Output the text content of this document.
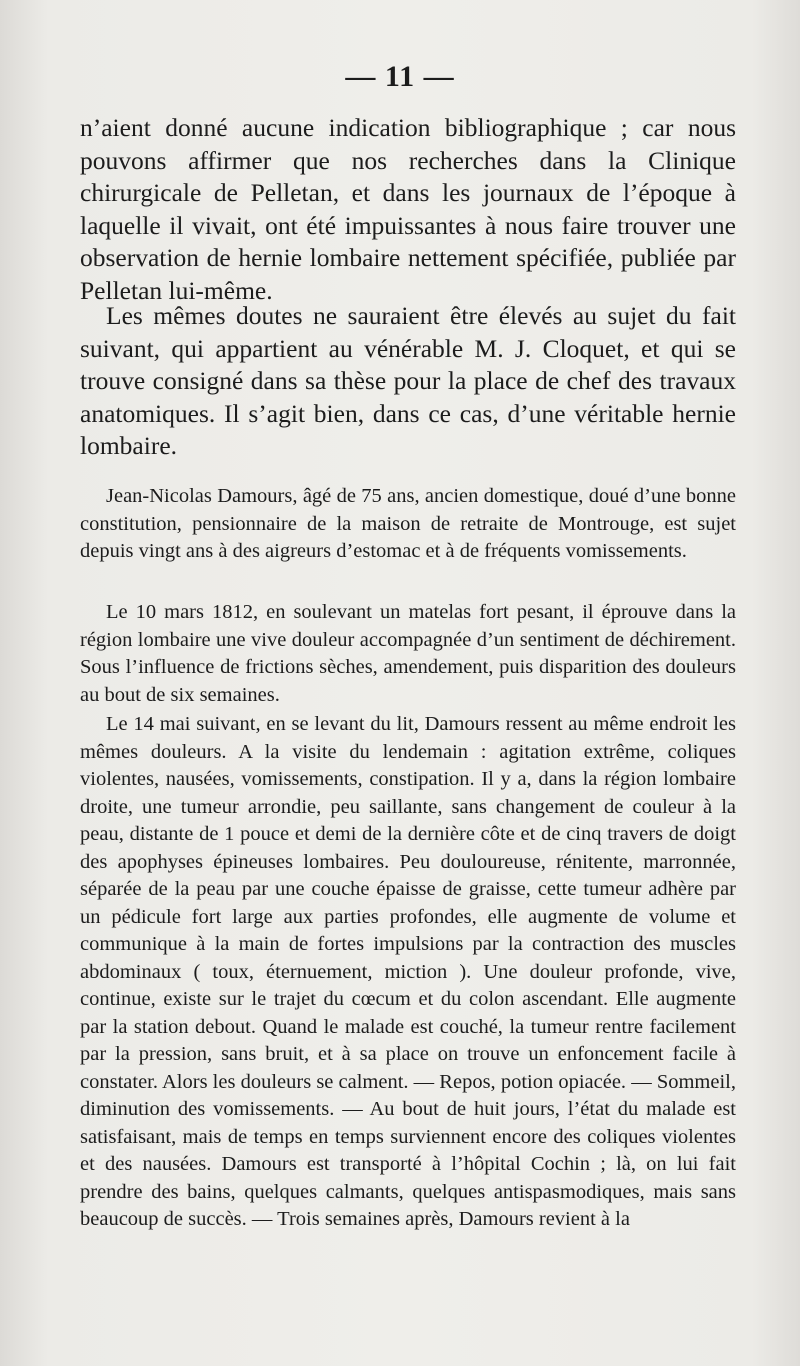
— 11 —

n’aient donné aucune indication bibliographique ; car nous pouvons affirmer que nos recherches dans la Clinique chirurgicale de Pelletan, et dans les journaux de l’époque à laquelle il vivait, ont été impuissantes à nous faire trouver une observation de hernie lombaire nettement spécifiée, publiée par Pelletan lui-même.

Les mêmes doutes ne sauraient être élevés au sujet du fait suivant, qui appartient au vénérable M. J. Cloquet, et qui se trouve consigné dans sa thèse pour la place de chef des travaux anatomiques. Il s’agit bien, dans ce cas, d’une véritable hernie lombaire.

Jean-Nicolas Damours, âgé de 75 ans, ancien domestique, doué d’une bonne constitution, pensionnaire de la maison de retraite de Montrouge, est sujet depuis vingt ans à des aigreurs d’estomac et à de fréquents vomissements.

Le 10 mars 1812, en soulevant un matelas fort pesant, il éprouve dans la région lombaire une vive douleur accompagnée d’un sentiment de déchirement. Sous l’influence de frictions sèches, amendement, puis disparition des douleurs au bout de six semaines.

Le 14 mai suivant, en se levant du lit, Damours ressent au même endroit les mêmes douleurs. A la visite du lendemain : agitation extrême, coliques violentes, nausées, vomissements, constipation. Il y a, dans la région lombaire droite, une tumeur arrondie, peu saillante, sans changement de couleur à la peau, distante de 1 pouce et demi de la dernière côte et de cinq travers de doigt des apophyses épineuses lombaires. Peu douloureuse, rénitente, marronnée, séparée de la peau par une couche épaisse de graisse, cette tumeur adhère par un pédicule fort large aux parties profondes, elle augmente de volume et communique à la main de fortes impulsions par la contraction des muscles abdominaux ( toux, éternuement, miction ). Une douleur profonde, vive, continue, existe sur le trajet du cœcum et du colon ascendant. Elle augmente par la station debout. Quand le malade est couché, la tumeur rentre facilement par la pression, sans bruit, et à sa place on trouve un enfoncement facile à constater. Alors les douleurs se calment. — Repos, potion opiacée. — Sommeil, diminution des vomissements. — Au bout de huit jours, l’état du malade est satisfaisant, mais de temps en temps surviennent encore des coliques violentes et des nausées. Damours est transporté à l’hôpital Cochin ; là, on lui fait prendre des bains, quelques calmants, quelques antispasmodiques, mais sans beaucoup de succès. — Trois semaines après, Damours revient à la
